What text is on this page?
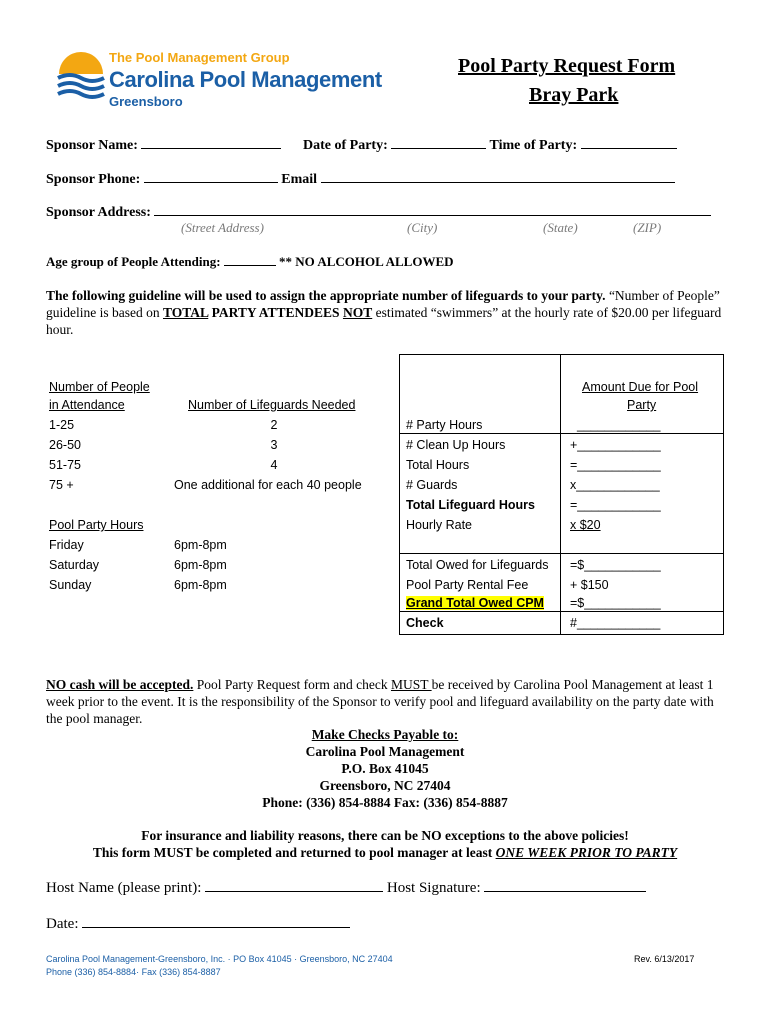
The Pool Management Group
Carolina Pool Management
Greensboro
Pool Party Request Form
Bray Park
Sponsor Name:	Date of Party:	Time of Party:
Sponsor Phone:	Email
Sponsor Address:
(Street Address)	(City)	(State)	(ZIP)
Age group of People Attending:	** NO ALCOHOL ALLOWED
The following guideline will be used to assign the appropriate number of lifeguards to your party. “Number of People” guideline is based on TOTAL PARTY ATTENDEES NOT estimated “swimmers” at the hourly rate of $20.00 per lifeguard hour.
Number of People
in Attendance	Number of Lifeguards Needed
1-25	2
26-50	3
51-75	4
75 +	One additional for each 40 people
Pool Party Hours
Friday	6pm-8pm
Saturday	6pm-8pm
Sunday	6pm-8pm
Amount Due for Pool
Party
# Party Hours	____________
# Clean Up Hours	+____________
Total Hours	=____________
# Guards	x____________
Total Lifeguard Hours	=____________
Hourly Rate	x $20
Total Owed for Lifeguards =$___________
Pool Party Rental Fee	+ $150
Grand Total Owed CPM =$___________
Check	#____________
NO cash will be accepted. Pool Party Request form and check MUST be received by Carolina Pool Management at least 1 week prior to the event. It is the responsibility of the Sponsor to verify pool and lifeguard availability on the party date with the pool manager.
Make Checks Payable to:
Carolina Pool Management
P.O. Box 41045
Greensboro, NC 27404
Phone: (336) 854-8884 Fax: (336) 854-8887
For insurance and liability reasons, there can be NO exceptions to the above policies!
This form MUST be completed and returned to pool manager at least ONE WEEK PRIOR TO PARTY
Host Name (please print):	Host Signature:
Date:
Carolina Pool Management-Greensboro, Inc. · PO Box 41045 · Greensboro, NC 27404
Phone (336) 854-8884· Fax (336) 854-8887
Rev. 6/13/2017
